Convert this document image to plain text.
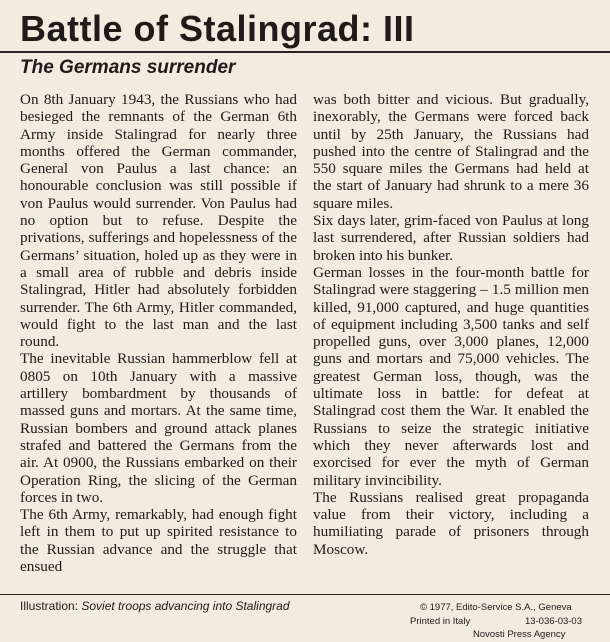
Battle of Stalingrad: III
The Germans surrender

On 8th January 1943, the Russians who had besieged the remnants of the German 6th Army inside Stalingrad for nearly three months offered the German commander, General von Paulus a last chance: an honourable conclusion was still possible if von Paulus would surrender. Von Paulus had no option but to refuse. Despite the privations, sufferings and hopelessness of the Germans’ situation, holed up as they were in a small area of rubble and debris inside Stalingrad, Hitler had absolutely forbidden surrender. The 6th Army, Hitler commanded, would fight to the last man and the last round.

The inevitable Russian hammerblow fell at 0805 on 10th January with a massive artillery bombardment by thousands of massed guns and mortars. At the same time, Russian bombers and ground attack planes strafed and battered the Germans from the air. At 0900, the Russians embarked on their Operation Ring, the slicing of the German forces in two.

The 6th Army, remarkably, had enough fight left in them to put up spirited resistance to the Russian advance and the struggle that ensued

was both bitter and vicious. But gradually, inexorably, the Germans were forced back until by 25th January, the Russians had pushed into the centre of Stalingrad and the 550 square miles the Germans had held at the start of January had shrunk to a mere 36 square miles.

Six days later, grim-faced von Paulus at long last surrendered, after Russian soldiers had broken into his bunker.

German losses in the four-month battle for Stalingrad were staggering – 1.5 million men killed, 91,000 captured, and huge quantities of equipment including 3,500 tanks and self propelled guns, over 3,000 planes, 12,000 guns and mortars and 75,000 vehicles. The greatest German loss, though, was the ultimate loss in battle: for defeat at Stalingrad cost them the War. It enabled the Russians to seize the strategic initiative which they never afterwards lost and exorcised for ever the myth of German military invincibility.

The Russians realised great propaganda value from their victory, including a humiliating parade of prisoners through Moscow.

Illustration: Soviet troops advancing into Stalingrad	© 1977, Edito-Service S.A., Geneva
Printed in Italy	13-036-03-03
Novosti Press Agency
